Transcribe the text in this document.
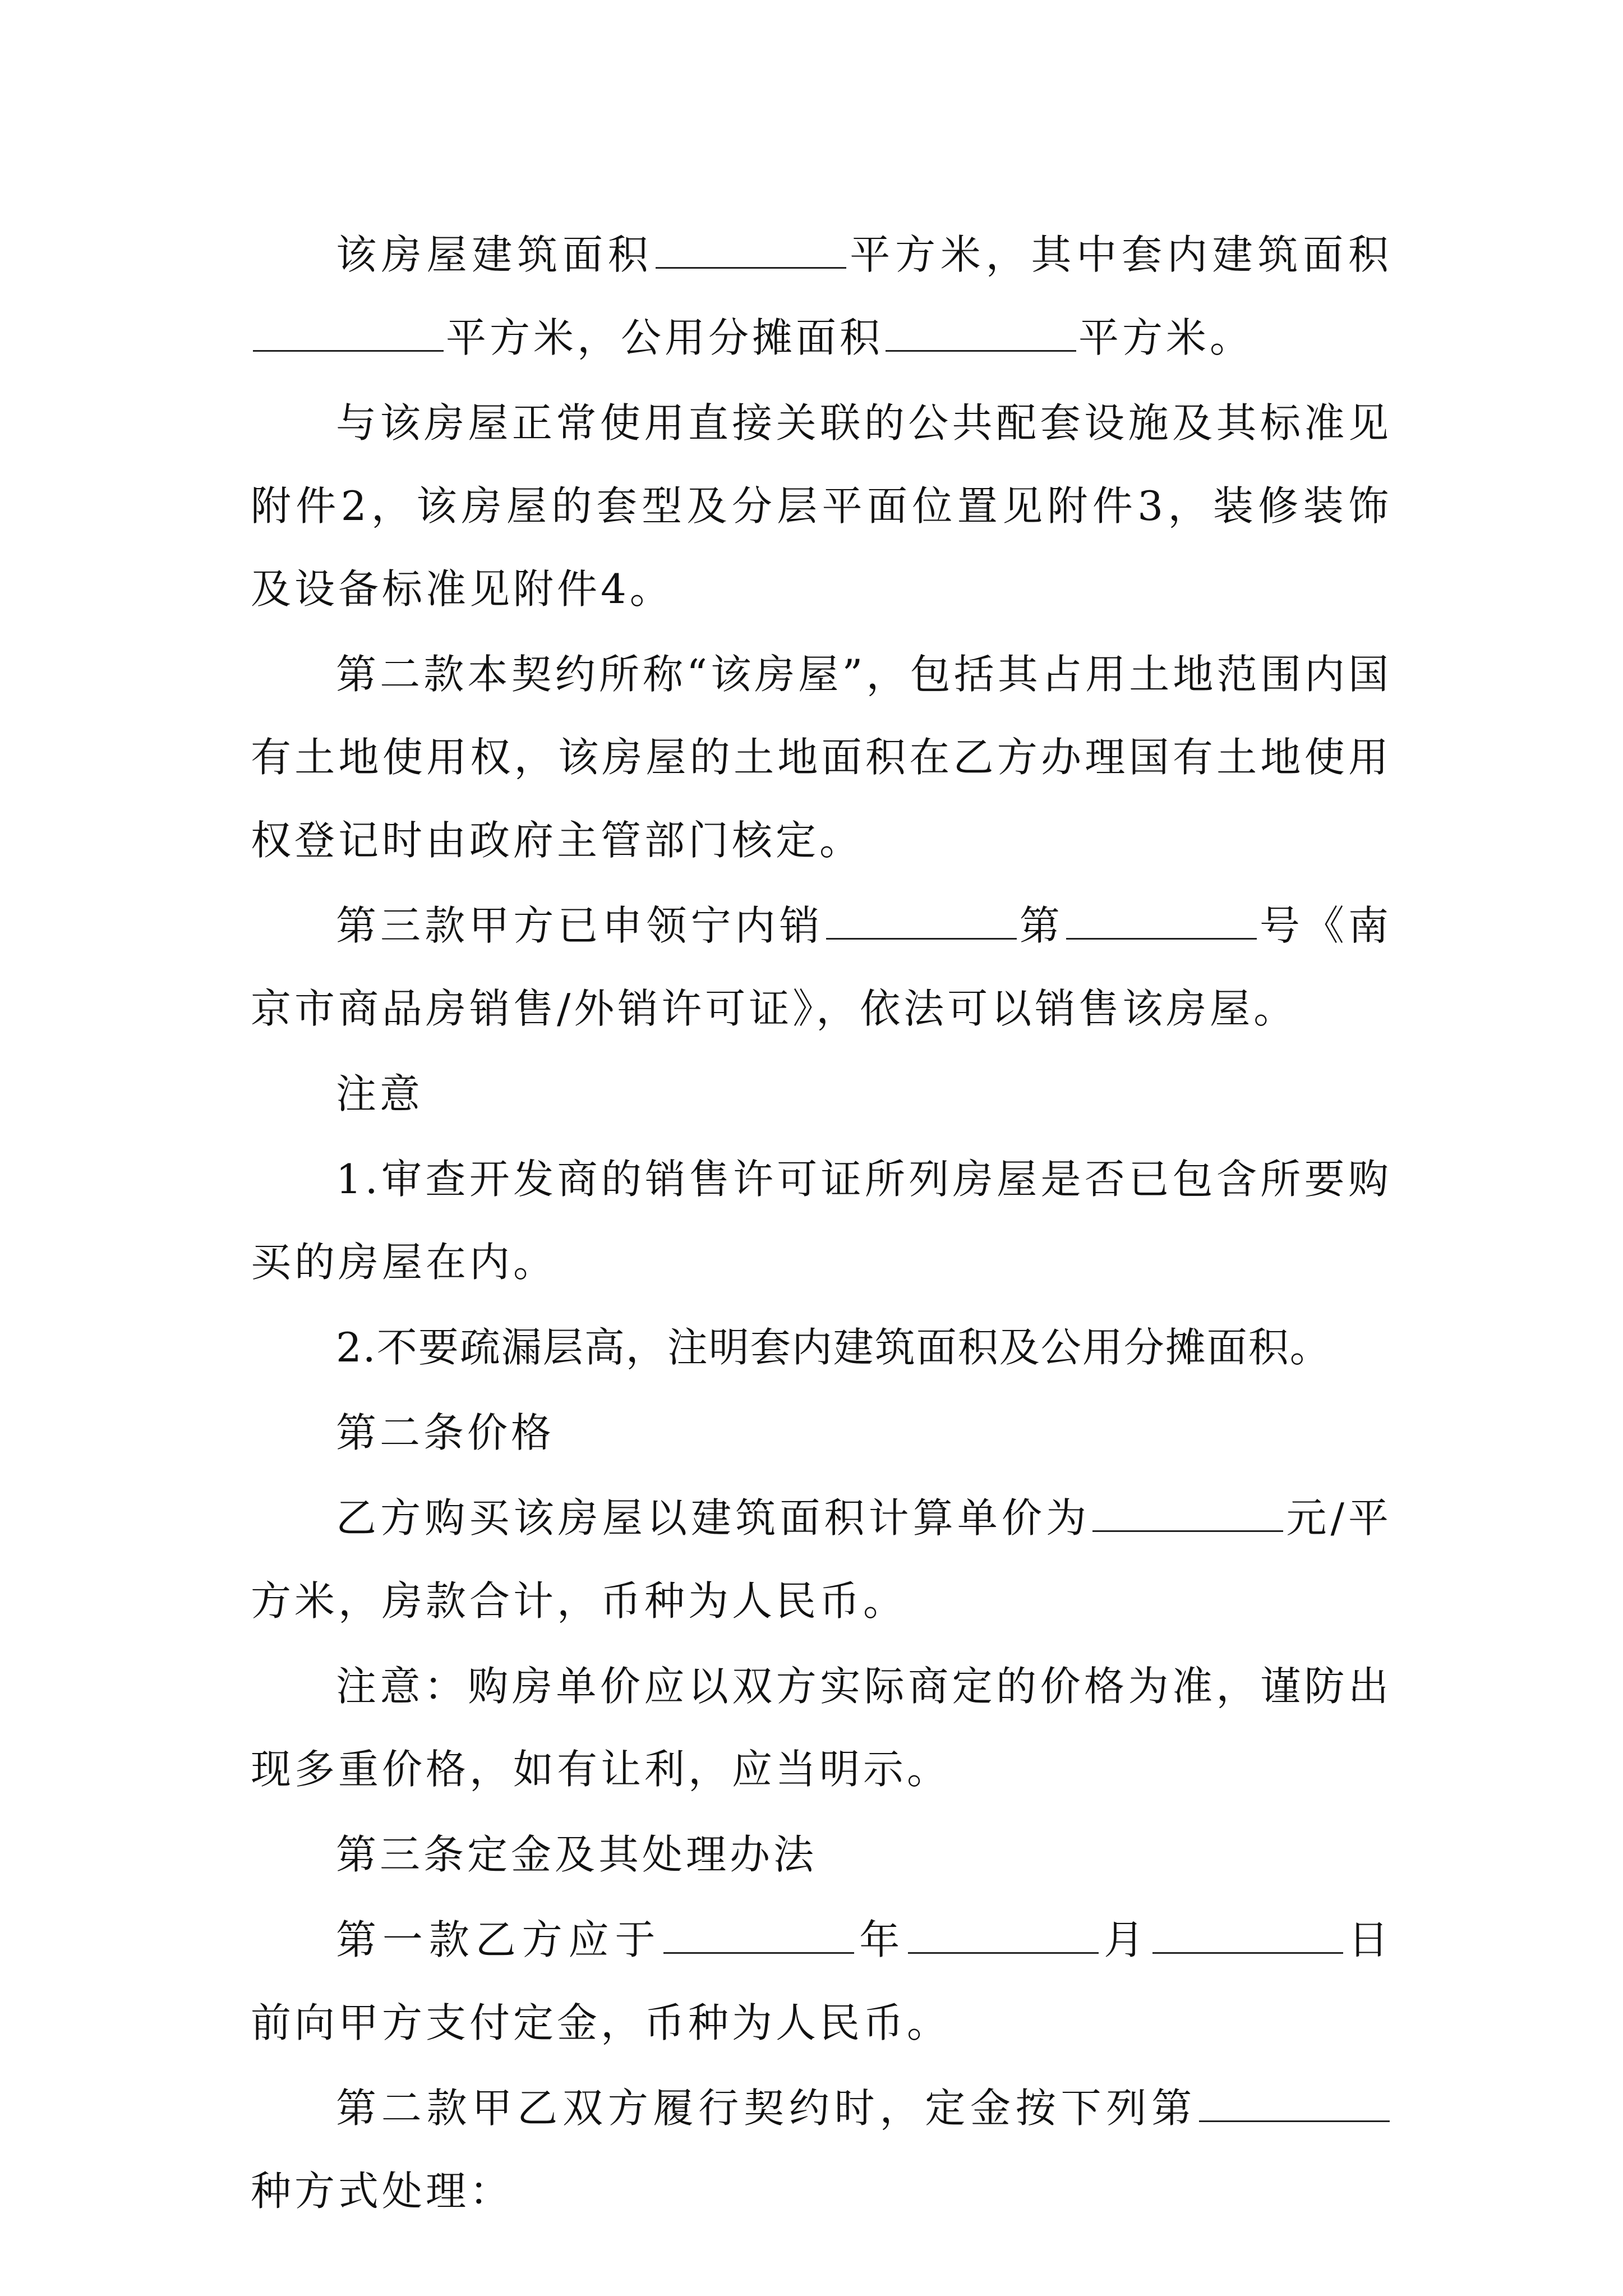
该房屋建筑面积	平方米，其中套内建筑面积平方米，公用分摊面积	平方米。

与该房屋正常使用直接关联的公共配套设施及其标准见附件2，该房屋的套型及分层平面位置见附件3，装修装饰及设备标准见附件4。

第二款本契约所称“该房屋”，包括其占用土地范围内国有土地使用权，该房屋的土地面积在乙方办理国有土地使用权登记时由政府主管部门核定。

第三款甲方已申领宁内销	第	号《南京市商品房销售/外销许可证》，依法可以销售该房屋。

注意

1.审查开发商的销售许可证所列房屋是否已包含所要购买的房屋在内。

2.不要疏漏层高，注明套内建筑面积及公用分摊面积。

第二条价格

乙方购买该房屋以建筑面积计算单价为	元/平方米，房款合计，币种为人民币。

注意：购房单价应以双方实际商定的价格为准，谨防出现多重价格，如有让利，应当明示。

第三条定金及其处理办法

第一款乙方应于	年	月	日前向甲方支付定金，币种为人民币。

第二款甲乙双方履行契约时，定金按下列第种方式处理：
